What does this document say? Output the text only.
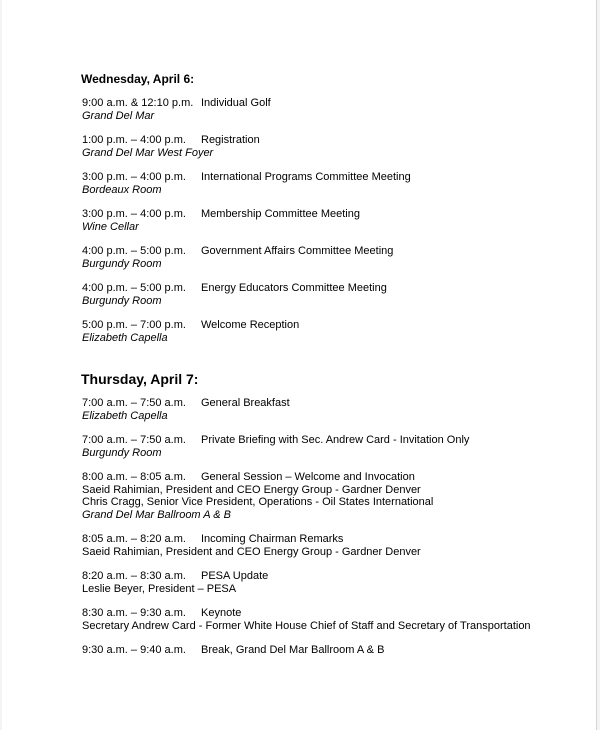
Wednesday, April 6:
9:00 a.m. & 12:10 p.m. Individual Golf
Grand Del Mar
1:00 p.m. – 4:00 p.m. Registration
Grand Del Mar West Foyer
3:00 p.m. – 4:00 p.m. International Programs Committee Meeting
Bordeaux Room
3:00 p.m. – 4:00 p.m. Membership Committee Meeting
Wine Cellar
4:00 p.m. – 5:00 p.m. Government Affairs Committee Meeting
Burgundy Room
4:00 p.m. – 5:00 p.m. Energy Educators Committee Meeting
Burgundy Room
5:00 p.m. – 7:00 p.m. Welcome Reception
Elizabeth Capella
Thursday, April 7:
7:00 a.m. – 7:50 a.m. General Breakfast
Elizabeth Capella
7:00 a.m. – 7:50 a.m. Private Briefing with Sec. Andrew Card - Invitation Only
Burgundy Room
8:00 a.m. – 8:05 a.m. General Session – Welcome and Invocation
Saeid Rahimian, President and CEO Energy Group - Gardner Denver
Chris Cragg, Senior Vice President, Operations - Oil States International
Grand Del Mar Ballroom A & B
8:05 a.m. – 8:20 a.m. Incoming Chairman Remarks
Saeid Rahimian, President and CEO Energy Group - Gardner Denver
8:20 a.m. – 8:30 a.m. PESA Update
Leslie Beyer, President – PESA
8:30 a.m. – 9:30 a.m. Keynote
Secretary Andrew Card - Former White House Chief of Staff and Secretary of Transportation
9:30 a.m. – 9:40 a.m. Break, Grand Del Mar Ballroom A & B
